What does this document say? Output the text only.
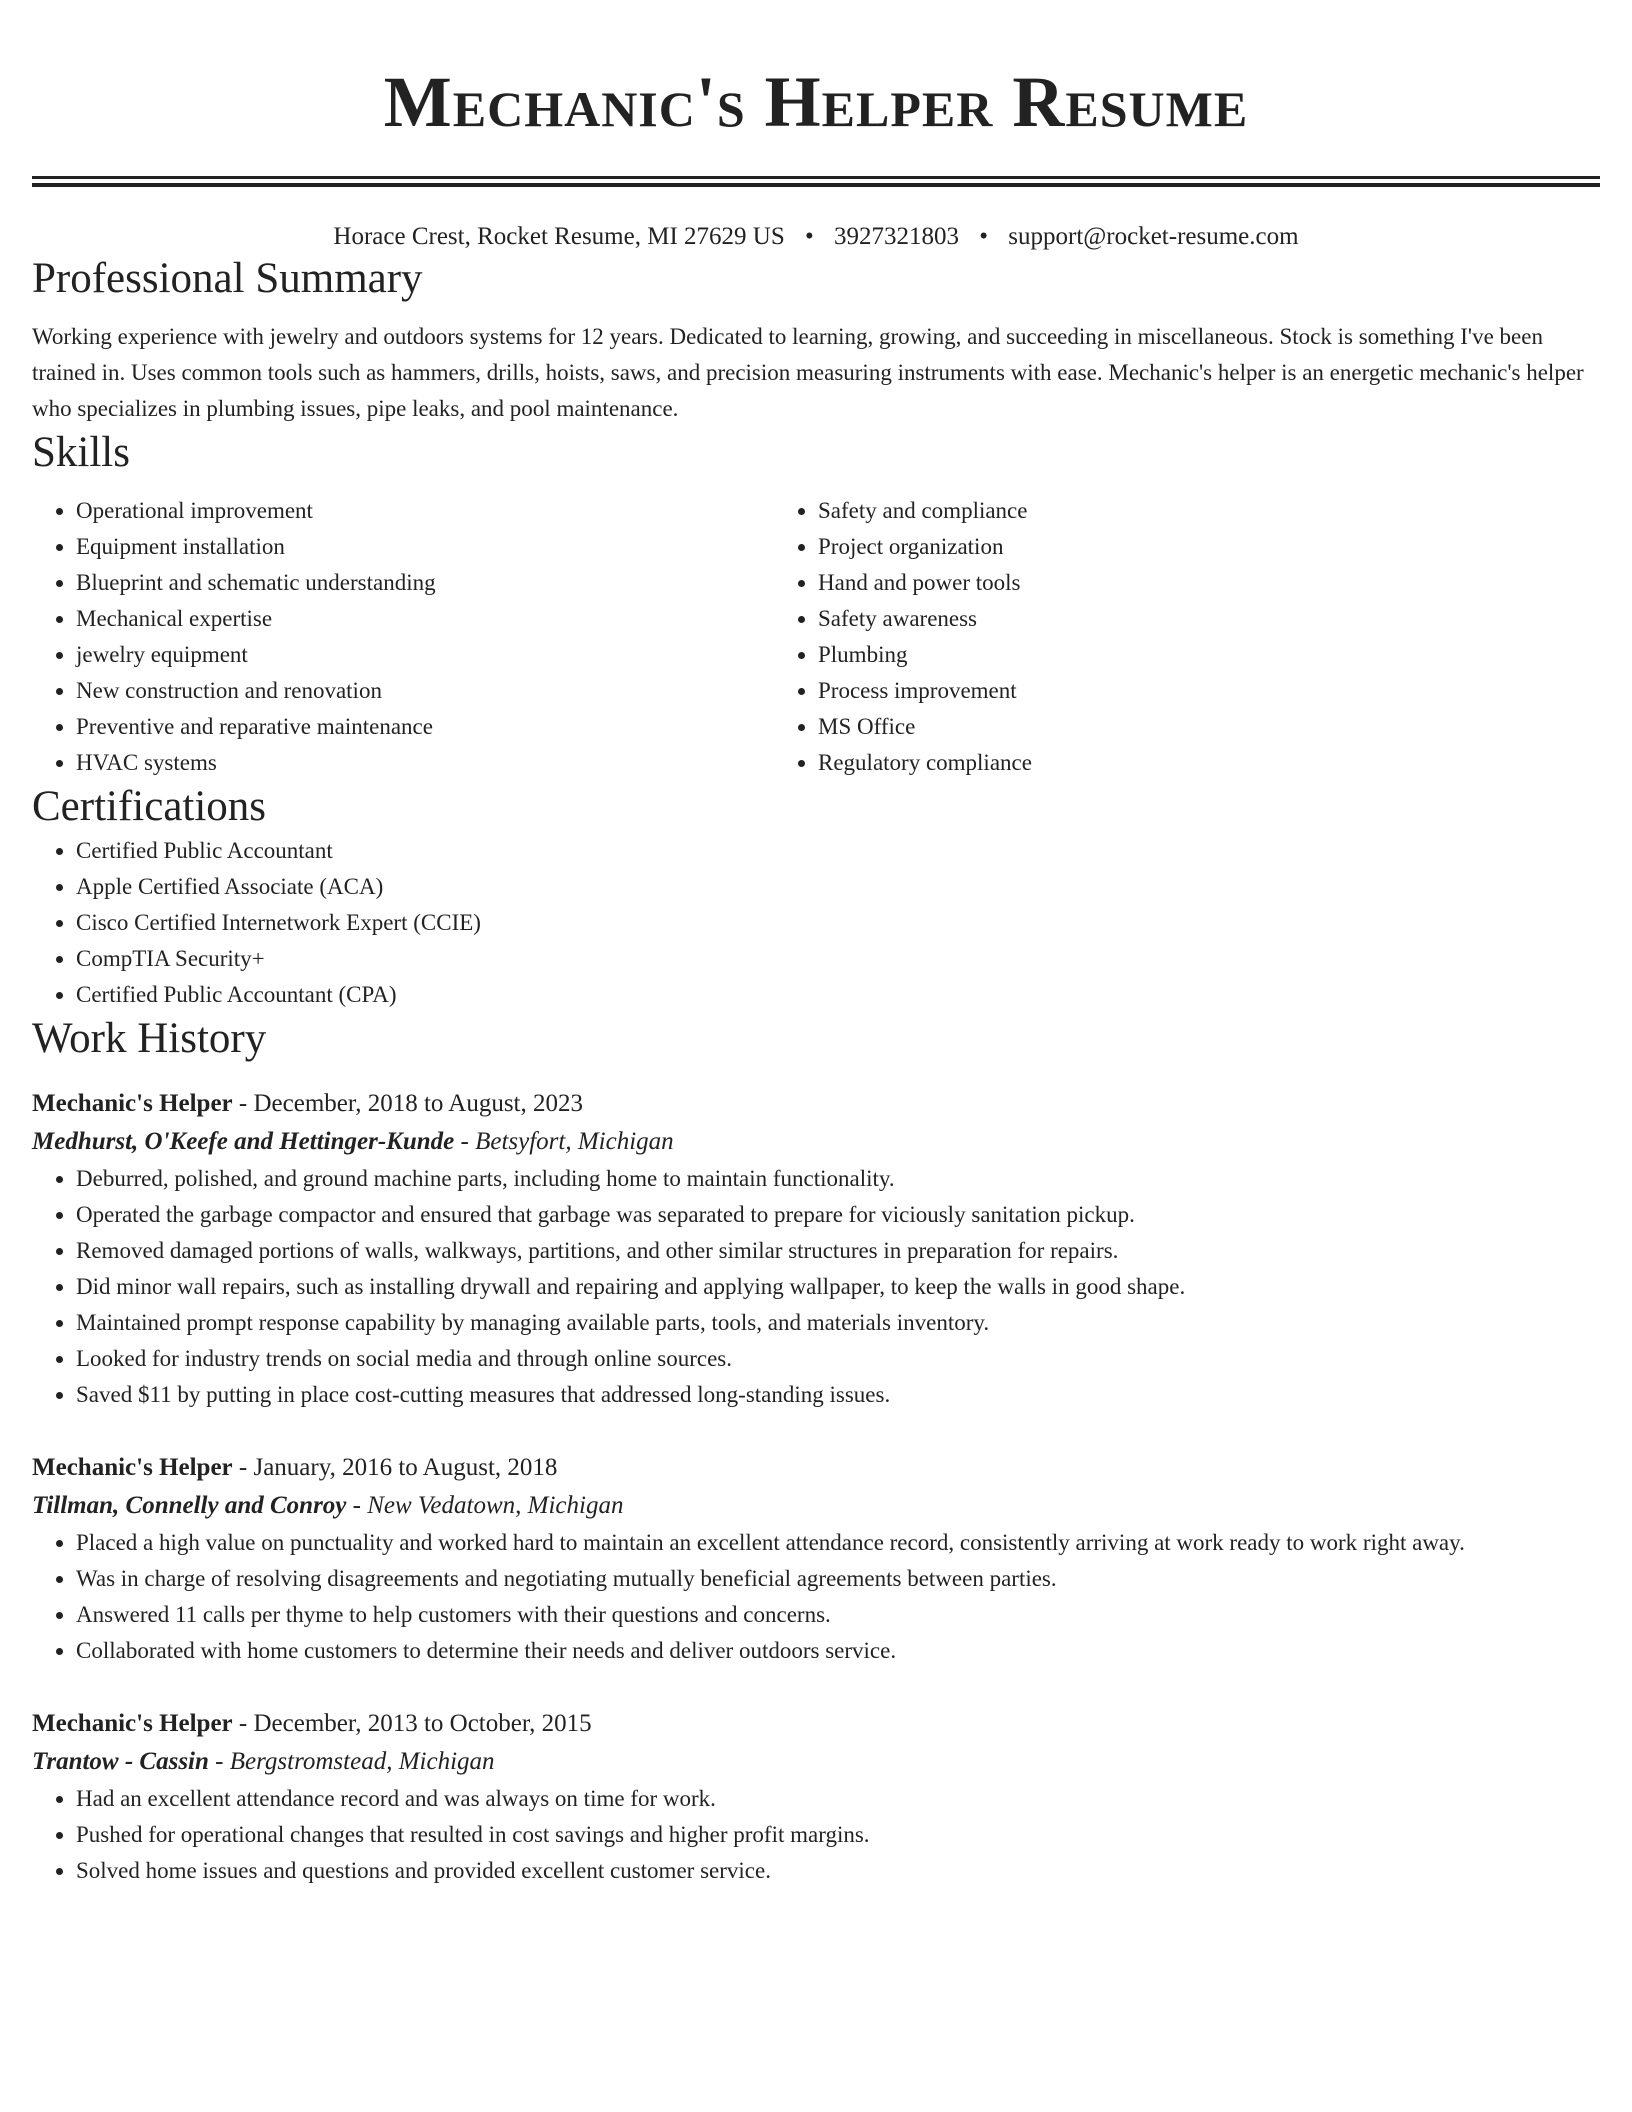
Mechanic's Helper Resume
Horace Crest, Rocket Resume, MI 27629 US • 3927321803 • support@rocket-resume.com
Professional Summary

Working experience with jewelry and outdoors systems for 12 years. Dedicated to learning, growing, and succeeding in miscellaneous. Stock is something I've been trained in. Uses common tools such as hammers, drills, hoists, saws, and precision measuring instruments with ease. Mechanic's helper is an energetic mechanic's helper who specializes in plumbing issues, pipe leaks, and pool maintenance.

Skills
• Operational improvement
• Equipment installation
• Blueprint and schematic understanding
• Mechanical expertise
• jewelry equipment
• New construction and renovation
• Preventive and reparative maintenance
• HVAC systems
• Safety and compliance
• Project organization
• Hand and power tools
• Safety awareness
• Plumbing
• Process improvement
• MS Office
• Regulatory compliance
Certifications
• Certified Public Accountant
• Apple Certified Associate (ACA)
• Cisco Certified Internetwork Expert (CCIE)
• CompTIA Security+
• Certified Public Accountant (CPA)
Work History
Mechanic's Helper - December, 2018 to August, 2023
Medhurst, O'Keefe and Hettinger-Kunde - Betsyfort, Michigan
• Deburred, polished, and ground machine parts, including home to maintain functionality.
• Operated the garbage compactor and ensured that garbage was separated to prepare for viciously sanitation pickup.
• Removed damaged portions of walls, walkways, partitions, and other similar structures in preparation for repairs.
• Did minor wall repairs, such as installing drywall and repairing and applying wallpaper, to keep the walls in good shape.
• Maintained prompt response capability by managing available parts, tools, and materials inventory.
• Looked for industry trends on social media and through online sources.
• Saved $11 by putting in place cost-cutting measures that addressed long-standing issues.
Mechanic's Helper - January, 2016 to August, 2018
Tillman, Connelly and Conroy - New Vedatown, Michigan
• Placed a high value on punctuality and worked hard to maintain an excellent attendance record, consistently arriving at work ready to work right away.
• Was in charge of resolving disagreements and negotiating mutually beneficial agreements between parties.
• Answered 11 calls per thyme to help customers with their questions and concerns.
• Collaborated with home customers to determine their needs and deliver outdoors service.
Mechanic's Helper - December, 2013 to October, 2015
Trantow - Cassin - Bergstromstead, Michigan
• Had an excellent attendance record and was always on time for work.
• Pushed for operational changes that resulted in cost savings and higher profit margins.
• Solved home issues and questions and provided excellent customer service.
